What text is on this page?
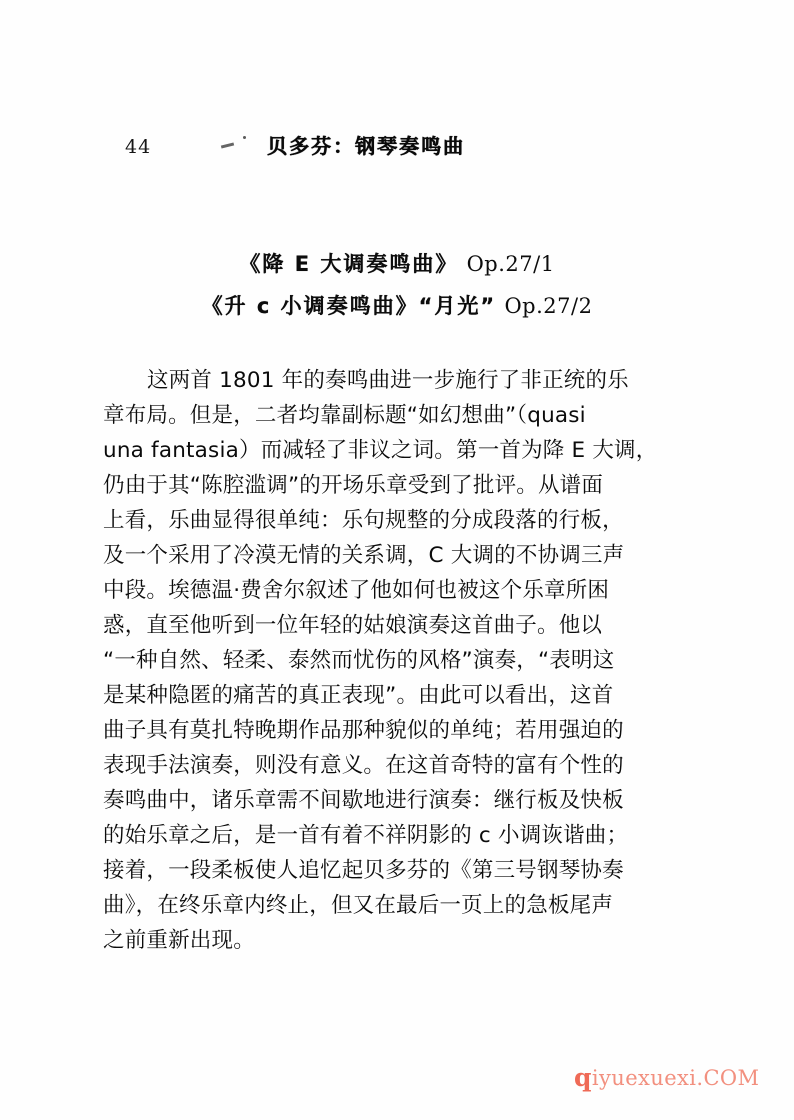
44	贝多芬：钢琴奏鸣曲
《降 E 大调奏鸣曲》 Op.27/1
《升 c 小调奏鸣曲》“月光” Op.27/2
这两首 1801 年的奏鸣曲进一步施行了非正统的乐
章布局。但是，二者均靠副标题“如幻想曲”（quasi
una fantasia）而减轻了非议之词。第一首为降 E 大调，
仍由于其“陈腔滥调”的开场乐章受到了批评。从谱面
上看，乐曲显得很单纯：乐句规整的分成段落的行板，
及一个采用了冷漠无情的关系调，C 大调的不协调三声
中段。埃德温·费舍尔叙述了他如何也被这个乐章所困
惑，直至他听到一位年轻的姑娘演奏这首曲子。他以
“一种自然、轻柔、泰然而忧伤的风格”演奏，“表明这
是某种隐匿的痛苦的真正表现”。由此可以看出，这首
曲子具有莫扎特晚期作品那种貌似的单纯；若用强迫的
表现手法演奏，则没有意义。在这首奇特的富有个性的
奏鸣曲中，诸乐章需不间歇地进行演奏：继行板及快板
的始乐章之后，是一首有着不祥阴影的 c 小调诙谐曲；
接着，一段柔板使人追忆起贝多芬的《第三号钢琴协奏
曲》，在终乐章内终止，但又在最后一页上的急板尾声
之前重新出现。
qiyuexuexi.COM
